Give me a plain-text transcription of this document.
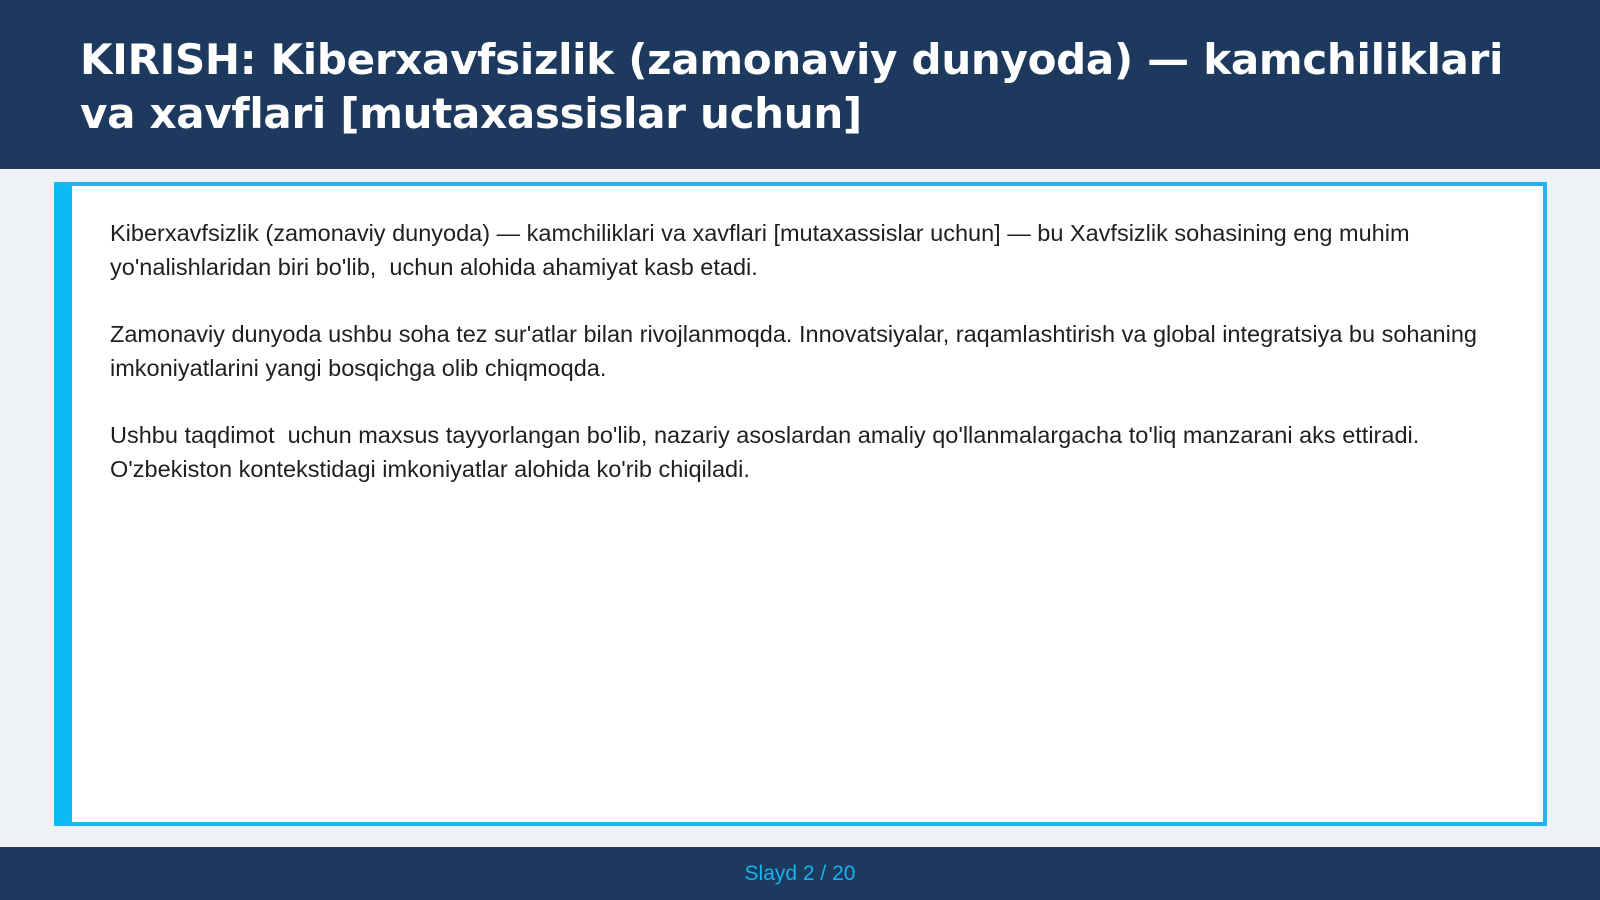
KIRISH: Kiberxavfsizlik (zamonaviy dunyoda) — kamchiliklari va xavflari [mutaxassislar uchun]

Kiberxavfsizlik (zamonaviy dunyoda) — kamchiliklari va xavflari [mutaxassislar uchun] — bu Xavfsizlik sohasining eng muhim yo'nalishlaridan biri bo'lib,  uchun alohida ahamiyat kasb etadi.

Zamonaviy dunyoda ushbu soha tez sur'atlar bilan rivojlanmoqda. Innovatsiyalar, raqamlashtirish va global integratsiya bu sohaning imkoniyatlarini yangi bosqichga olib chiqmoqda.

Ushbu taqdimot  uchun maxsus tayyorlangan bo'lib, nazariy asoslardan amaliy qo'llanmalargacha to'liq manzarani aks ettiradi. O'zbekiston kontekstidagi imkoniyatlar alohida ko'rib chiqiladi.

Slayd 2 / 20
